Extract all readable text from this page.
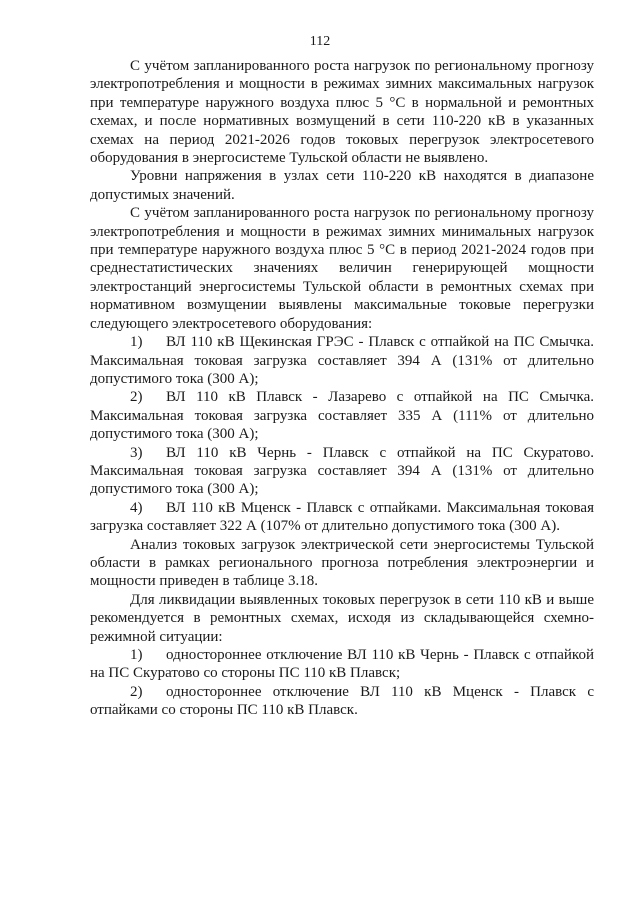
112

С учётом запланированного роста нагрузок по региональному прогнозу электропотребления и мощности в режимах зимних максимальных нагрузок при температуре наружного воздуха плюс 5 °С в нормальной и ремонтных схемах, и после нормативных возмущений в сети 110-220 кВ в указанных схемах на период 2021-2026 годов токовых перегрузок электросетевого оборудования в энергосистеме Тульской области не выявлено.

Уровни напряжения в узлах сети 110-220 кВ находятся в диапазоне допустимых значений.

С учётом запланированного роста нагрузок по региональному прогнозу электропотребления и мощности в режимах зимних минимальных нагрузок при температуре наружного воздуха плюс 5 °С в период 2021-2024 годов при среднестатистических значениях величин генерирующей мощности электростанций энергосистемы Тульской области в ремонтных схемах при нормативном возмущении выявлены максимальные токовые перегрузки следующего электросетевого оборудования:

1) ВЛ 110 кВ Щекинская ГРЭС - Плавск с отпайкой на ПС Смычка. Максимальная токовая загрузка составляет 394 А (131% от длительно допустимого тока (300 А);

2) ВЛ 110 кВ Плавск - Лазарево с отпайкой на ПС Смычка. Максимальная токовая загрузка составляет 335 А (111% от длительно допустимого тока (300 А);

3) ВЛ 110 кВ Чернь - Плавск с отпайкой на ПС Скуратово. Максимальная токовая загрузка составляет 394 А (131% от длительно допустимого тока (300 А);

4) ВЛ 110 кВ Мценск - Плавск с отпайками. Максимальная токовая загрузка составляет 322 А (107% от длительно допустимого тока (300 А).

Анализ токовых загрузок электрической сети энергосистемы Тульской области в рамках регионального прогноза потребления электроэнергии и мощности приведен в таблице 3.18.

Для ликвидации выявленных токовых перегрузок в сети 110 кВ и выше рекомендуется в ремонтных схемах, исходя из складывающейся схемно-режимной ситуации:

1) одностороннее отключение ВЛ 110 кВ Чернь - Плавск с отпайкой на ПС Скуратово со стороны ПС 110 кВ Плавск;

2) одностороннее отключение ВЛ 110 кВ Мценск - Плавск с отпайками со стороны ПС 110 кВ Плавск.
